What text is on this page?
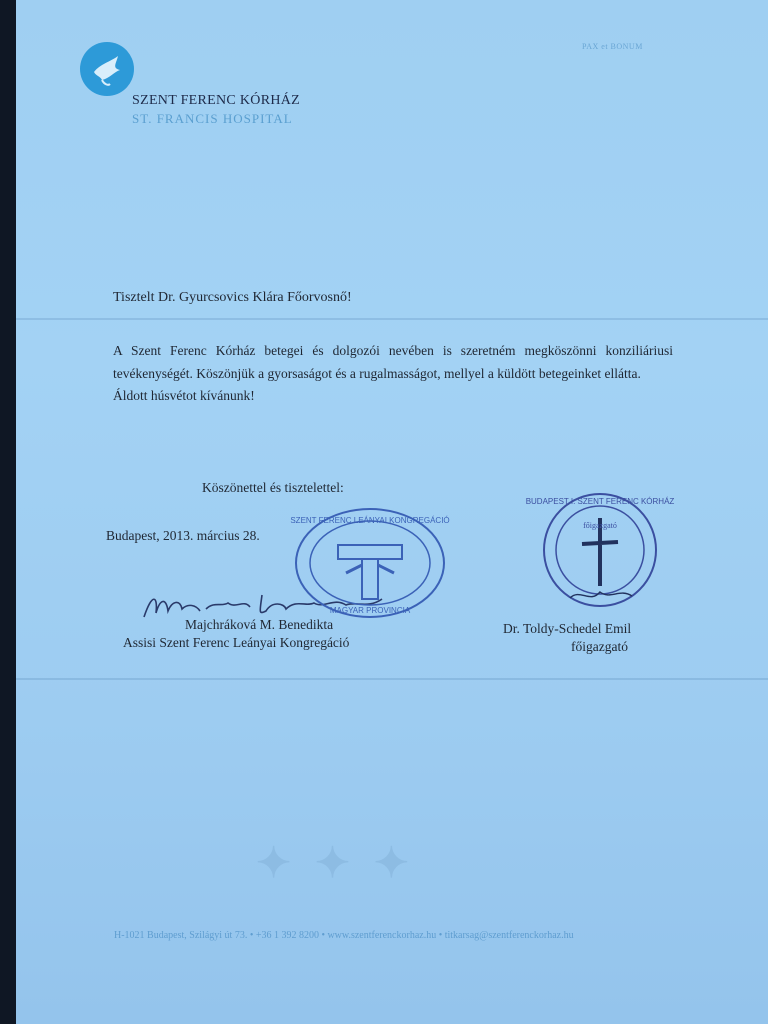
SZENT FERENC KÓRHÁZ
ST. FRANCIS HOSPITAL
PAX et BONUM
Tisztelt Dr. Gyurcsovics Klára Főorvosnő!

A Szent Ferenc Kórház betegei és dolgozói nevében is szeretném megköszönni konziliáriusi tevékenységét. Köszönjük a gyorsaságot és a rugalmasságot, mellyel a küldött betegeinket ellátta.

Áldott húsvétot kívánunk!

Köszönettel és tisztelettel:
Budapest, 2013. március 28.
SZENT FERENC LEÁNYAI KONGREGÁCIÓ
MAGYAR PROVINCIA
BUDAPEST I. SZENT FERENC KÓRHÁZ
főigazgató
Majchráková M. Benedikta
Assisi Szent Ferenc Leányai Kongregáció
Dr. Toldy-Schedel Emil
főigazgató
✦ ✦ ✦
H-1021 Budapest, Szilágyi út 73. • +36 1 392 8200 • www.szentferenckorhaz.hu • titkarsag@szentferenckorhaz.hu
